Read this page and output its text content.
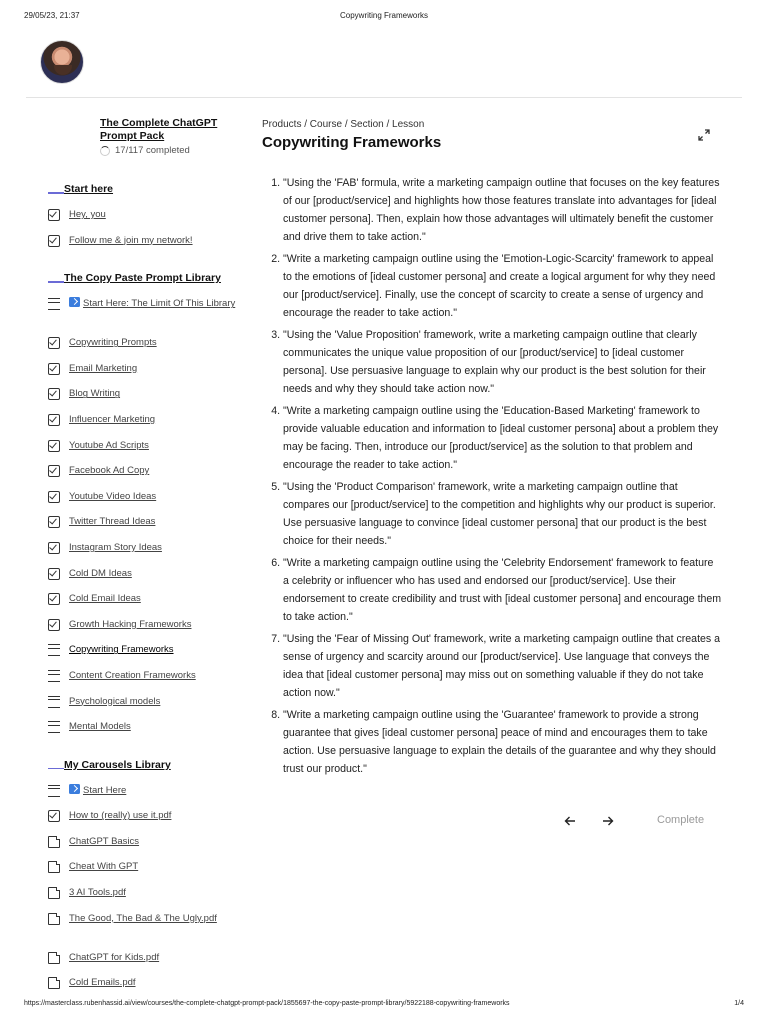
29/05/23, 21:37	Copywriting Frameworks
The Complete ChatGPT Prompt Pack
17/117 completed
Start here
Hey, you
Follow me & join my network!
The Copy Paste Prompt Library
Start Here: The Limit Of This Library
Copywriting Prompts
Email Marketing
Blog Writing
Influencer Marketing
Youtube Ad Scripts
Facebook Ad Copy
Youtube Video Ideas
Twitter Thread Ideas
Instagram Story Ideas
Cold DM Ideas
Cold Email Ideas
Growth Hacking Frameworks
Copywriting Frameworks
Content Creation Frameworks
Psychological models
Mental Models
My Carousels Library
Start Here
How to (really) use it.pdf
ChatGPT Basics
Cheat With GPT
3 AI Tools.pdf
The Good, The Bad & The Ugly.pdf
ChatGPT for Kids.pdf
Cold Emails.pdf
Products / Course / Section / Lesson
Copywriting Frameworks
1. "Using the 'FAB' formula, write a marketing campaign outline that focuses on the key features of our [product/service] and highlights how those features translate into advantages for [ideal customer persona]. Then, explain how those advantages will ultimately benefit the customer and drive them to take action."
2. "Write a marketing campaign outline using the 'Emotion-Logic-Scarcity' framework to appeal to the emotions of [ideal customer persona] and create a logical argument for why they need our [product/service]. Finally, use the concept of scarcity to create a sense of urgency and encourage the reader to take action."
3. "Using the 'Value Proposition' framework, write a marketing campaign outline that clearly communicates the unique value proposition of our [product/service] to [ideal customer persona]. Use persuasive language to explain why our product is the best solution for their needs and why they should take action now."
4. "Write a marketing campaign outline using the 'Education-Based Marketing' framework to provide valuable education and information to [ideal customer persona] about a problem they may be facing. Then, introduce our [product/service] as the solution to that problem and encourage the reader to take action."
5. "Using the 'Product Comparison' framework, write a marketing campaign outline that compares our [product/service] to the competition and highlights why our product is superior. Use persuasive language to convince [ideal customer persona] that our product is the best choice for their needs."
6. "Write a marketing campaign outline using the 'Celebrity Endorsement' framework to feature a celebrity or influencer who has used and endorsed our [product/service]. Use their endorsement to create credibility and trust with [ideal customer persona] and encourage them to take action."
7. "Using the 'Fear of Missing Out' framework, write a marketing campaign outline that creates a sense of urgency and scarcity around our [product/service]. Use language that conveys the idea that [ideal customer persona] may miss out on something valuable if they do not take action now."
8. "Write a marketing campaign outline using the 'Guarantee' framework to provide a strong guarantee that gives [ideal customer persona] peace of mind and encourages them to take action. Use persuasive language to explain the details of the guarantee and why they should trust our product."
Complete
https://masterclass.rubenhassid.ai/view/courses/the-complete-chatgpt-prompt-pack/1855697-the-copy-paste-prompt-library/5922188-copywriting-frameworks	1/4
